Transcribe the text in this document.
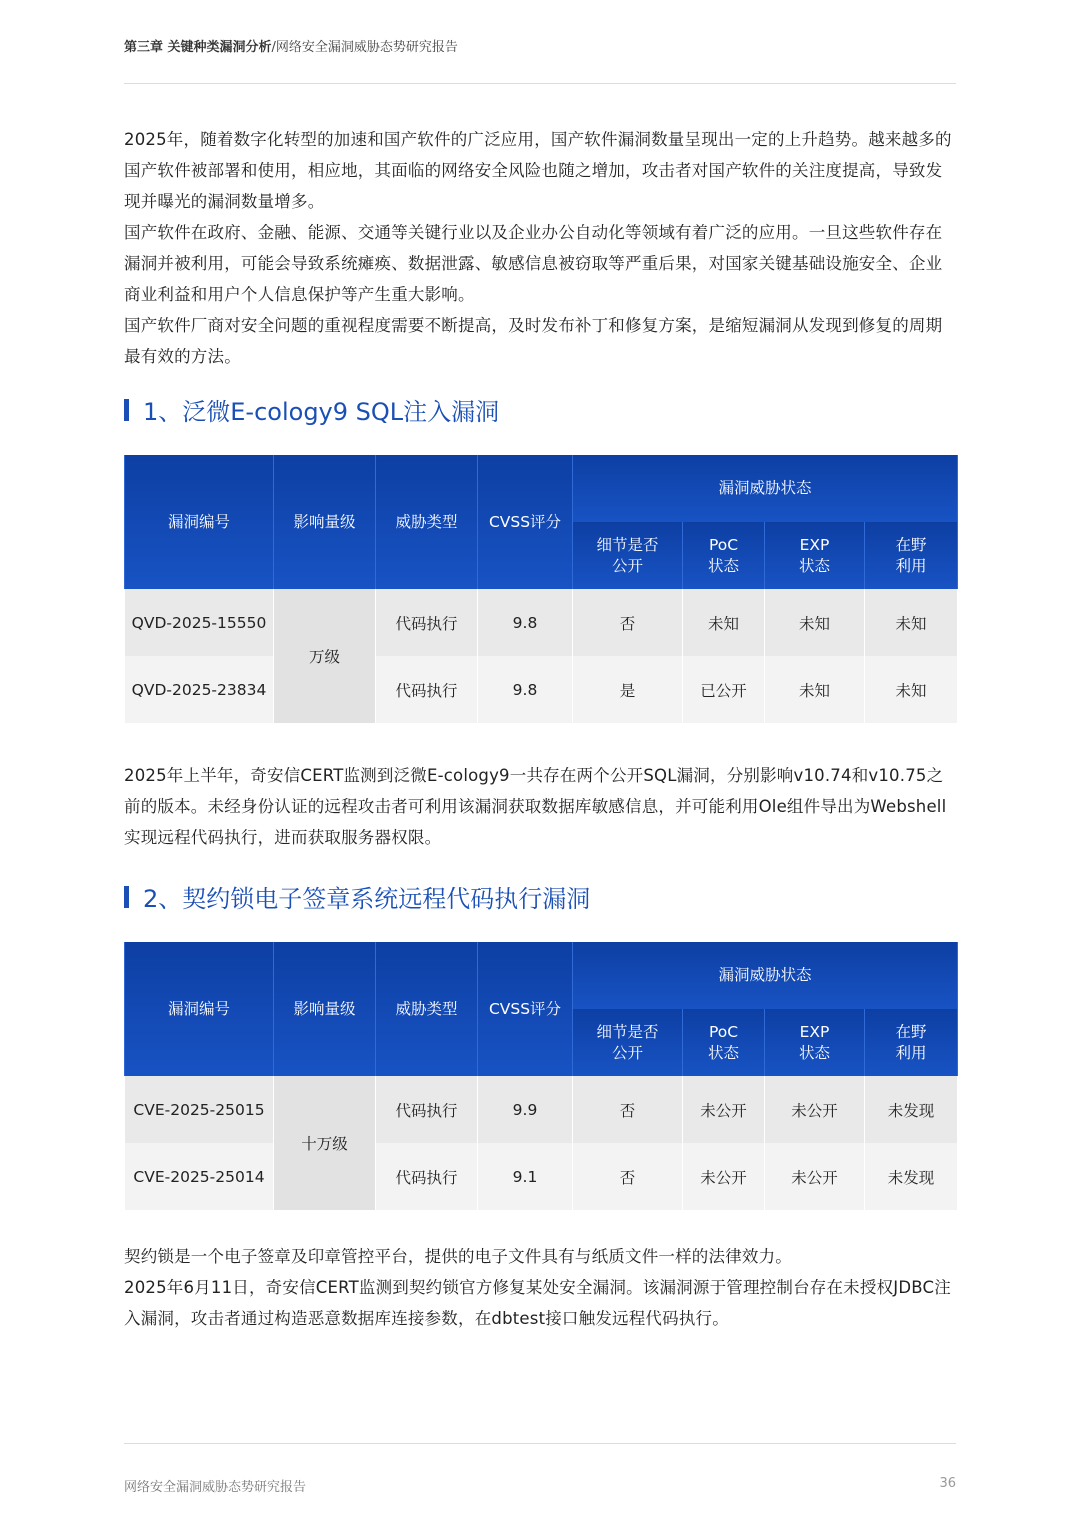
第三章 关键种类漏洞分析/网络安全漏洞威胁态势研究报告

2025年，随着数字化转型的加速和国产软件的广泛应用，国产软件漏洞数量呈现出一定的上升趋势。越来越多的国产软件被部署和使用，相应地，其面临的网络安全风险也随之增加，攻击者对国产软件的关注度提高，导致发现并曝光的漏洞数量增多。

国产软件在政府、金融、能源、交通等关键行业以及企业办公自动化等领域有着广泛的应用。一旦这些软件存在漏洞并被利用，可能会导致系统瘫痪、数据泄露、敏感信息被窃取等严重后果，对国家关键基础设施安全、企业商业利益和用户个人信息保护等产生重大影响。

国产软件厂商对安全问题的重视程度需要不断提高，及时发布补丁和修复方案，是缩短漏洞从发现到修复的周期最有效的方法。

1、泛微E-cology9 SQL注入漏洞
漏洞编号	影响量级	威胁类型	CVSS评分	漏洞威胁状态			

				细节是否公开	PoC状态	EXP状态	在野利用

QVD-2025-15550	万级	代码执行	9.8	否	未知	未知	未知
QVD-2025-23834		代码执行	9.8	是	已公开	未知	未知

2025年上半年，奇安信CERT监测到泛微E-cology9一共存在两个公开SQL漏洞，分别影响v10.74和v10.75之前的版本。未经身份认证的远程攻击者可利用该漏洞获取数据库敏感信息，并可能利用Ole组件导出为Webshell实现远程代码执行，进而获取服务器权限。

2、契约锁电子签章系统远程代码执行漏洞
漏洞编号	影响量级	威胁类型	CVSS评分	漏洞威胁状态			

				细节是否公开	PoC状态	EXP状态	在野利用

CVE-2025-25015	十万级	代码执行	9.9	否	未公开	未公开	未发现
CVE-2025-25014		代码执行	9.1	否	未公开	未公开	未发现

契约锁是一个电子签章及印章管控平台，提供的电子文件具有与纸质文件一样的法律效力。

2025年6月11日，奇安信CERT监测到契约锁官方修复某处安全漏洞。该漏洞源于管理控制台存在未授权JDBC注入漏洞，攻击者通过构造恶意数据库连接参数，在dbtest接口触发远程代码执行。

网络安全漏洞威胁态势研究报告	36
